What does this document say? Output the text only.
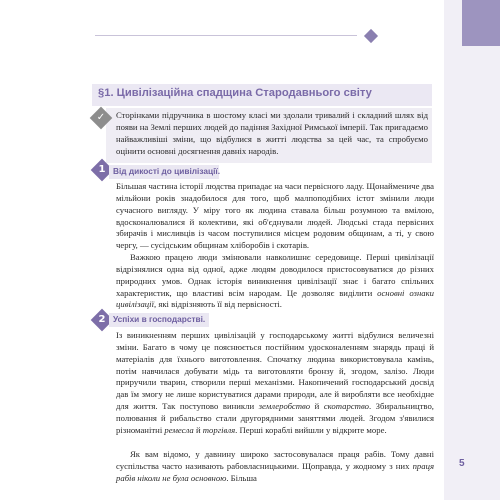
§1. Цивілізаційна спадщина Стародавнього світу
✓	Сторінками підручника в шостому класі ми здолали тривалий і складний шлях від появи на Землі перших людей до падіння Західної Римської імперії. Так пригадаємо найважливіші зміни, що відбулися в житті людства за цей час, та спробуємо оцінити основні досягнення давніх народів.
1 Від дикості до цивілізації.
Більшая частина історії людства припадає на часи первісного ладу. Щонаймениче два мільйони років знадобилося для того, щоб малпоподібних істот змінили люди сучасного вигляду. У міру того як людина ставала більш розумною та вмілою, вдосконалювалися й колективи, які об'єднували людей. Людські стада первісних збирачів і мисливців із часом поступилися місцем родовим общинам, а ті, у свою чергу, — сусідським общинам хліборобів і скотарів.
Важкою працею люди змінювали навколишнє середовище. Перші цивілізації відрізнялися одна від одної, адже людям доводилося пристосовуватися до різних природних умов. Однак історія виникнення цивілізації знає і багато спільних характеристик, що властиві всім народам. Це дозволяє виділити основні ознаки цивілізації, які відрізняють її від первісності.
2 Успіхи в господарстві.
Із виникненням перших цивілізацій у господарському житті відбулися величезні зміни. Багато в чому це пояснюється постійним удосконаленням знарядь праці й матеріалів для їхнього виготовлення. Спочатку людина використовувала камінь, потім навчилася добувати мідь та виготовляти бронзу й, згодом, залізо. Люди приручили тварин, створили перші механізми. Накопичений господарський досвід дав їм змогу не лише користуватися дарами природи, але й виробляти все необхідне для життя. Так поступово виникли землеробство й скотарство. Збиральництво, полювання й рибальство стали другорядними заняттями людей. Згодом з'явилися різноманітні ремесла й торгівля. Перші кораблі вийшли у відкрите море.
Як вам відомо, у давнину широко застосовувалася праця рабів. Тому давні суспільства часто називають рабовласницькими. Щоправда, у жодному з них праця рабів ніколи не була основною. Більша
5
